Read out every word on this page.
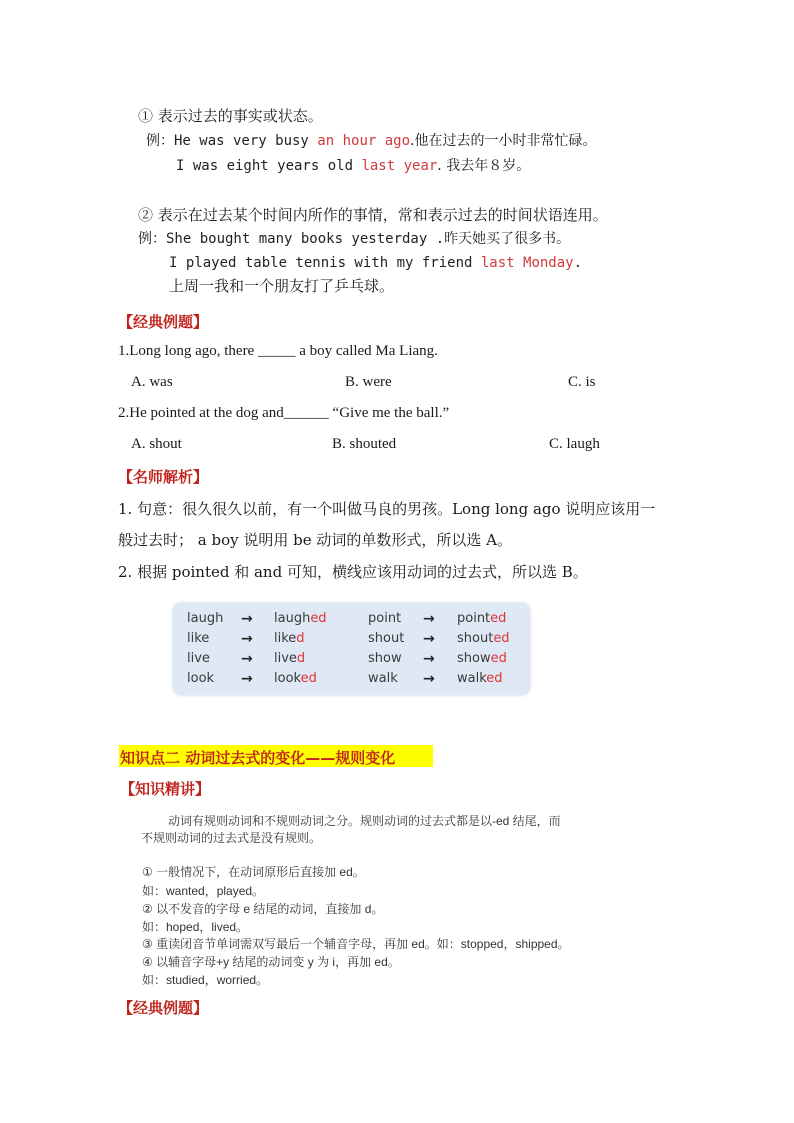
① 表示过去的事实或状态。
例：He was very busy an hour ago.他在过去的一小时非常忙碌。
I was eight years old last year. 我去年８岁。
② 表示在过去某个时间内所作的事情，常和表示过去的时间状语连用。
例：She bought many books yesterday .昨天她买了很多书。
I played table tennis with my friend last Monday.
上周一我和一个朋友打了乒乓球。
【经典例题】
1.Long long ago, there _____ a boy called Ma Liang.
A. was	B. were	C. is
2.He pointed at the dog and______ “Give me the ball.”
A. shout	B. shouted	C. laugh
【名师解析】
1. 句意：很久很久以前，有一个叫做马良的男孩。Long long ago 说明应该用一
般过去时； a boy 说明用 be 动词的单数形式，所以选 A。
2. 根据 pointed 和 and 可知，横线应该用动词的过去式，所以选 B。
laugh → laughed	point → pointed
like → liked	shout → shouted
live → lived	show → showed
look → looked	walk → walked
知识点二 动词过去式的变化——规则变化
【知识精讲】
动词有规则动词和不规则动词之分。规则动词的过去式都是以-ed 结尾，而
不规则动词的过去式是没有规则。
① 一般情况下，在动词原形后直接加 ed。
如：wanted，played。
② 以不发音的字母 e 结尾的动词，直接加 d。
如：hoped，lived。
③ 重读闭音节单词需双写最后一个辅音字母，再加 ed。如：stopped，shipped。
④ 以辅音字母+y 结尾的动词变 y 为 i，再加 ed。
如：studied，worried。
【经典例题】
